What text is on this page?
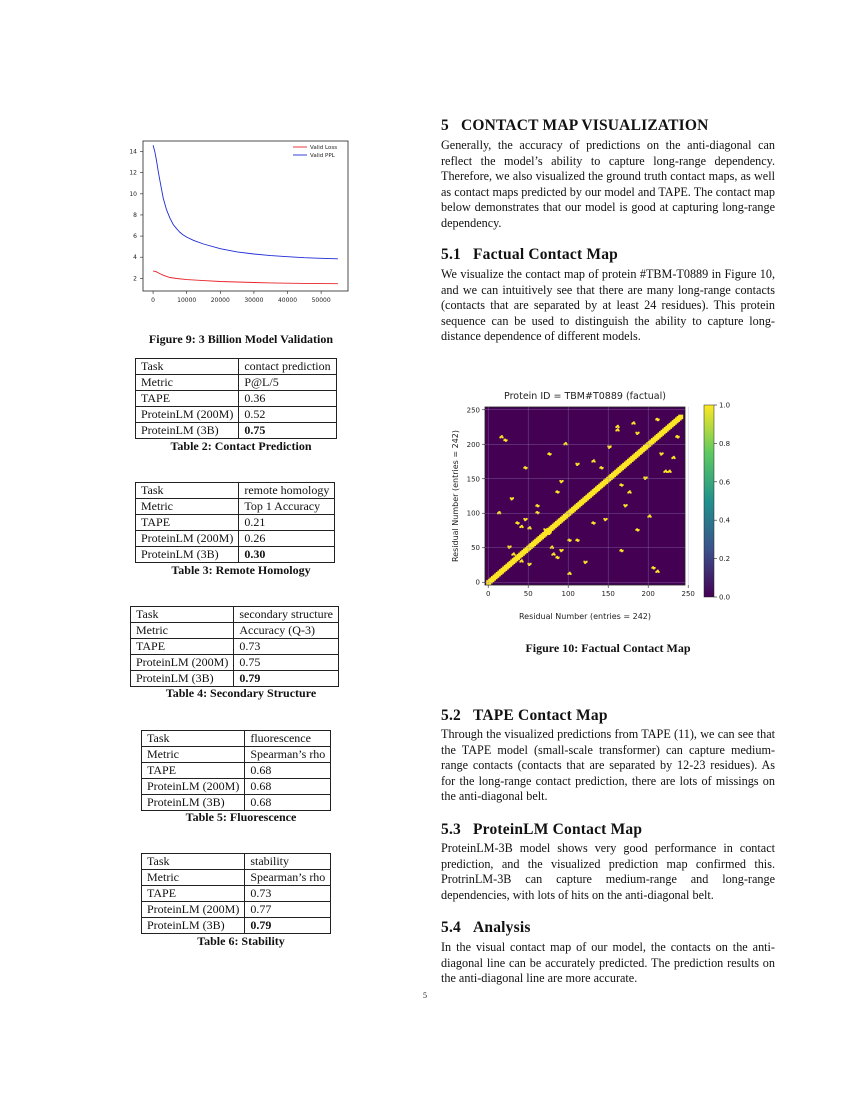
0	10000 20000 30000 40000 50000
2
4
6
8
10
12
14
Valid Loss
Valid PPL
Figure 9: 3 Billion Model Validation
Task	contact prediction
Metric	P@L/5
TAPE	0.36
ProteinLM (200M)	0.52
ProteinLM (3B)	0.75
Table 2: Contact Prediction
Task	remote homology
Metric	Top 1 Accuracy
TAPE	0.21
ProteinLM (200M)	0.26
ProteinLM (3B)	0.30
Table 3: Remote Homology
Task	secondary structure
Metric	Accuracy (Q-3)
TAPE	0.73
ProteinLM (200M)	0.75
ProteinLM (3B)	0.79
Table 4: Secondary Structure
Task	fluorescence
Metric	Spearman’s rho
TAPE	0.68
ProteinLM (200M)	0.68
ProteinLM (3B)	0.68
Table 5: Fluorescence
Task	stability
Metric	Spearman’s rho
TAPE	0.73
ProteinLM (200M)	0.77
ProteinLM (3B)	0.79
Table 6: Stability
5 CONTACT MAP VISUALIZATION

Generally, the accuracy of predictions on the anti-diagonal can reflect the model’s ability to capture long-range dependency. Therefore, we also visualized the ground truth contact maps, as well as contact maps predicted by our model and TAPE. The contact map below demonstrates that our model is good at capturing long-range dependency.

5.1 Factual Contact Map

We visualize the contact map of protein #TBM-T0889 in Figure 10, and we can intuitively see that there are many long-range contacts (contacts that are separated by at least 24 residues). This protein sequence can be used to distinguish the ability to capture long-distance dependence of different models.

Protein ID = TBM#T0889 (factual)
0	50	100	150	200	250
0
50
100
150
200
250
Residual Number (entries = 242)
Residual Number (entries = 242)
0.0
0.2
0.4
0.6
0.8
1.0
Figure 10: Factual Contact Map
5.2 TAPE Contact Map

Through the visualized predictions from TAPE (11), we can see that the TAPE model (small-scale transformer) can capture medium-range contacts (contacts that are separated by 12-23 residues). As for the long-range contact prediction, there are lots of missings on the anti-diagonal belt.

5.3 ProteinLM Contact Map

ProteinLM-3B model shows very good performance in contact prediction, and the visualized prediction map confirmed this. ProtrinLM-3B can capture medium-range and long-range dependencies, with lots of hits on the anti-diagonal belt.

5.4 Analysis

In the visual contact map of our model, the contacts on the anti-diagonal line can be accurately predicted. The prediction results on the anti-diagonal line are more accurate.

5
